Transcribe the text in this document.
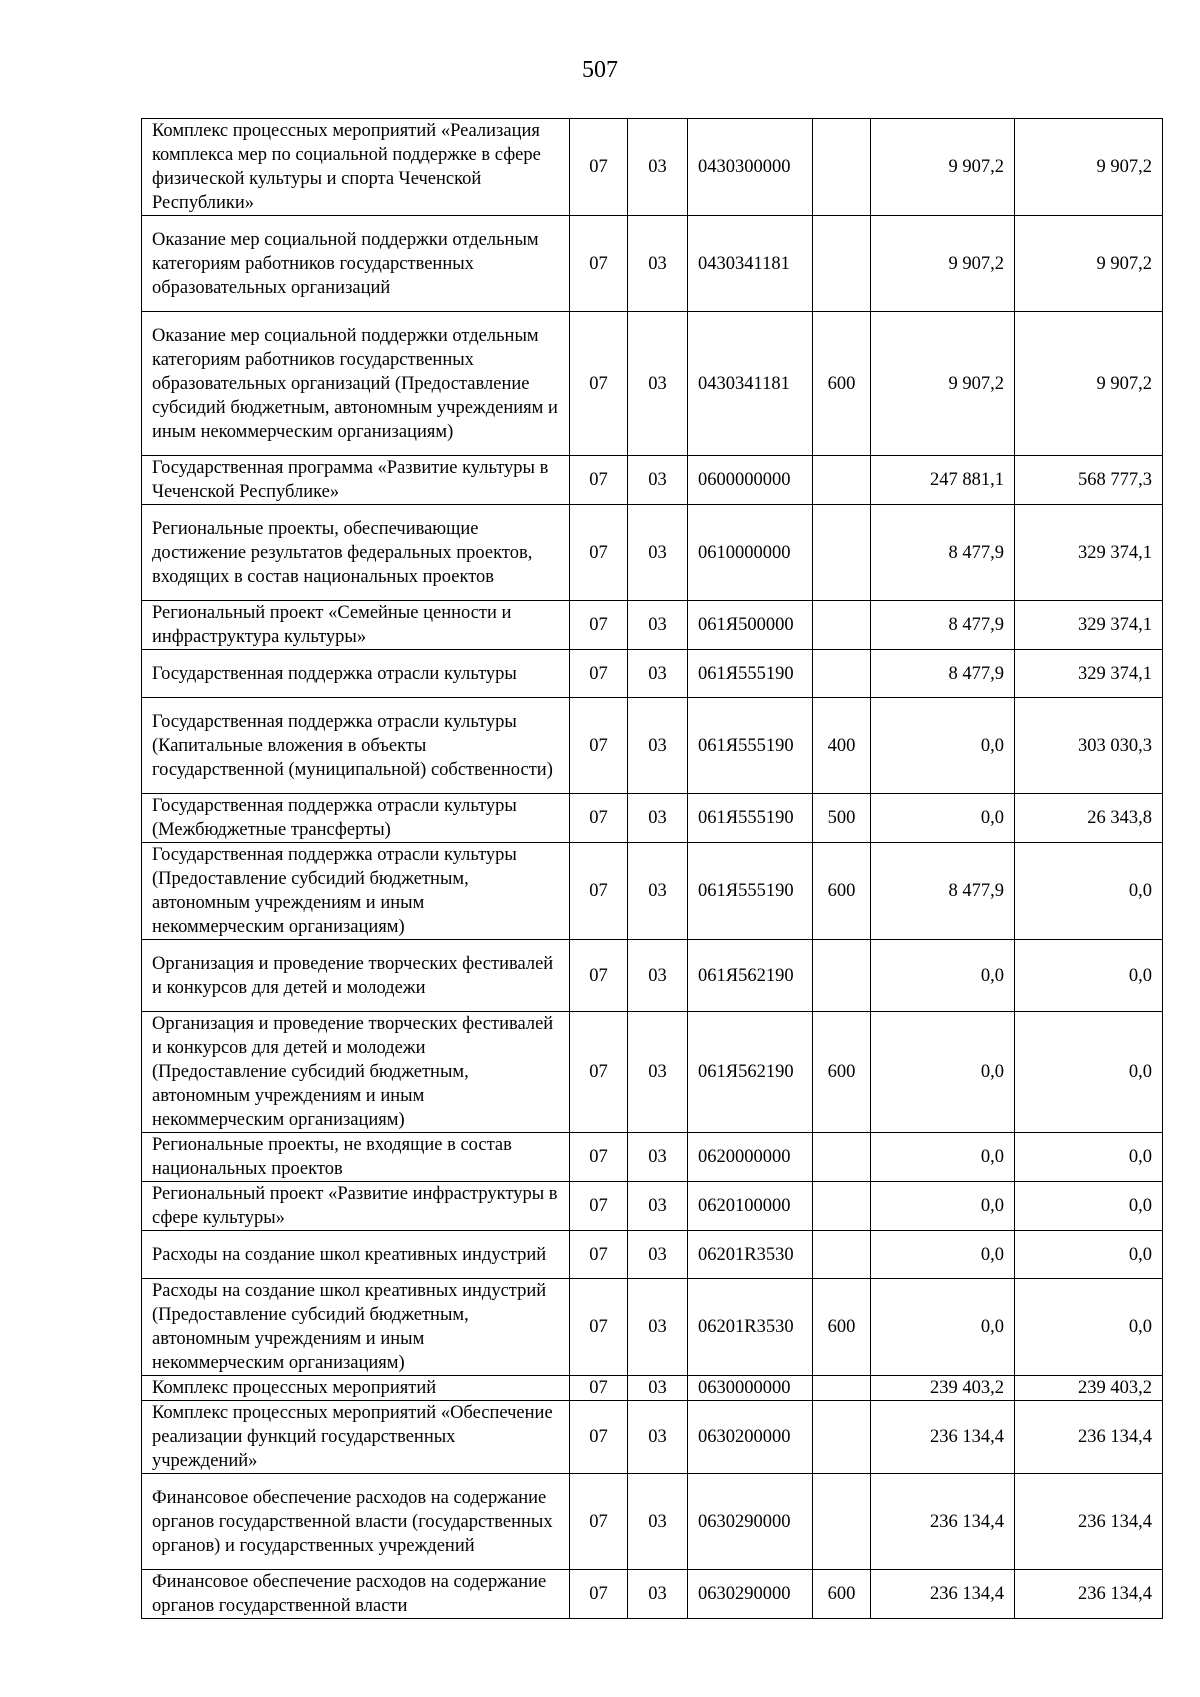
507
Комплекс процессных мероприятий «Реализация комплекса мер по социальной поддержке в сфере физической культуры и спорта Чеченской Республики»	07	03	0430300000		9 907,2	9 907,2
Оказание мер социальной поддержки отдельным категориям работников государственных образовательных организаций	07	03	0430341181		9 907,2	9 907,2
Оказание мер социальной поддержки отдельным категориям работников государственных образовательных организаций (Предоставление субсидий бюджетным, автономным учреждениям и иным некоммерческим организациям)	07	03	0430341181	600	9 907,2	9 907,2
Государственная программа «Развитие культуры в Чеченской Республике»	07	03	0600000000		247 881,1	568 777,3
Региональные проекты, обеспечивающие достижение результатов федеральных проектов, входящих в состав национальных проектов	07	03	0610000000		8 477,9	329 374,1
Региональный проект «Семейные ценности и инфраструктура культуры»	07	03	061Я500000		8 477,9	329 374,1
Государственная поддержка отрасли культуры	07	03	061Я555190		8 477,9	329 374,1
Государственная поддержка отрасли культуры (Капитальные вложения в объекты государственной (муниципальной) собственности)	07	03	061Я555190	400	0,0	303 030,3
Государственная поддержка отрасли культуры (Межбюджетные трансферты)	07	03	061Я555190	500	0,0	26 343,8
Государственная поддержка отрасли культуры (Предоставление субсидий бюджетным, автономным учреждениям и иным некоммерческим организациям)	07	03	061Я555190	600	8 477,9	0,0
Организация и проведение творческих фестивалей и конкурсов для детей и молодежи	07	03	061Я562190		0,0	0,0
Организация и проведение творческих фестивалей и конкурсов для детей и молодежи (Предоставление субсидий бюджетным, автономным учреждениям и иным некоммерческим организациям)	07	03	061Я562190	600	0,0	0,0
Региональные проекты, не входящие в состав национальных проектов	07	03	0620000000		0,0	0,0
Региональный проект «Развитие инфраструктуры в сфере культуры»	07	03	0620100000		0,0	0,0
Расходы на создание школ креативных индустрий	07	03	06201R3530		0,0	0,0
Расходы на создание школ креативных индустрий (Предоставление субсидий бюджетным, автономным учреждениям и иным некоммерческим организациям)	07	03	06201R3530	600	0,0	0,0
Комплекс процессных мероприятий	07	03	0630000000		239 403,2	239 403,2
Комплекс процессных мероприятий «Обеспечение реализации функций государственных учреждений»	07	03	0630200000		236 134,4	236 134,4
Финансовое обеспечение расходов на содержание органов государственной власти (государственных органов) и государственных учреждений	07	03	0630290000		236 134,4	236 134,4
Финансовое обеспечение расходов на содержание органов государственной власти	07	03	0630290000	600	236 134,4	236 134,4
